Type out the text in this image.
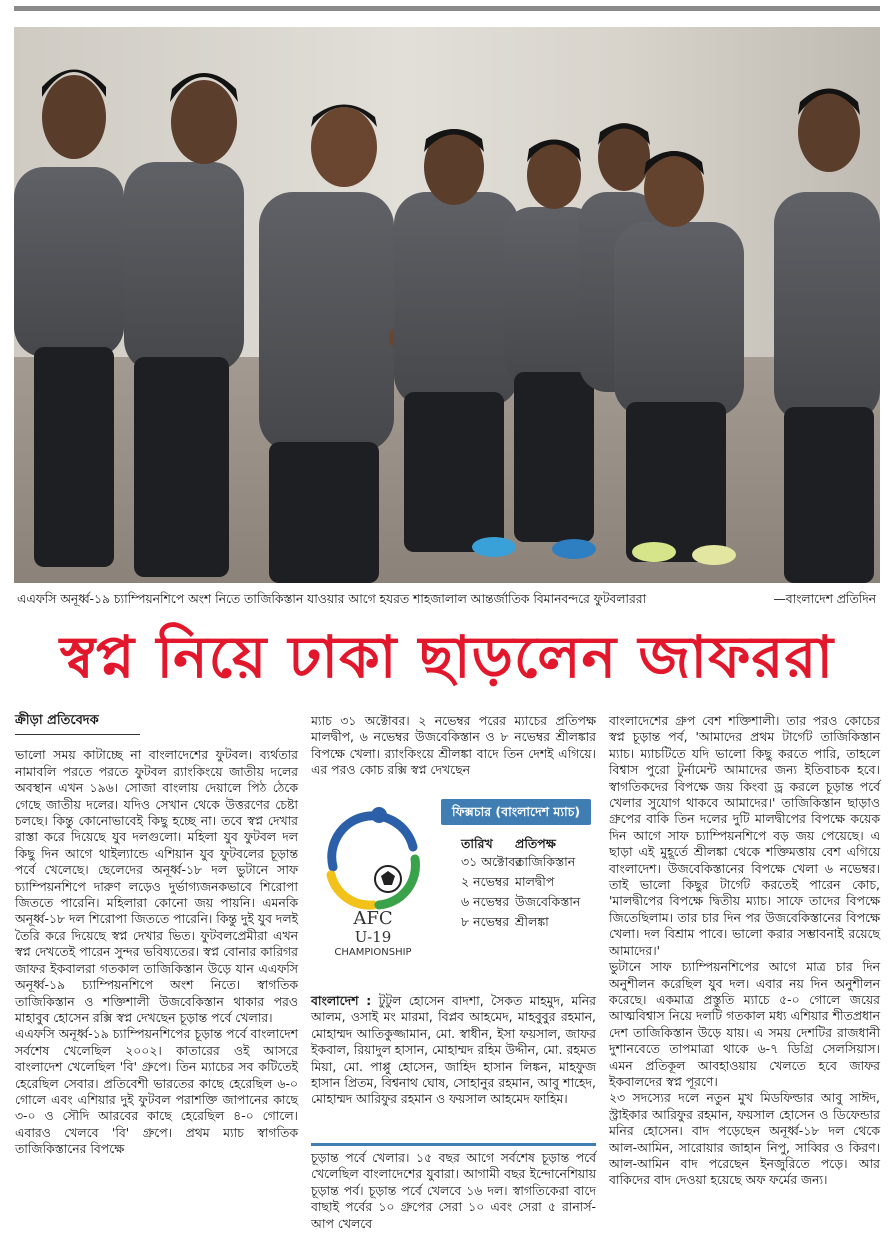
এএফসি অনূর্ধ্ব-১৯ চ্যাম্পিয়নশিপে অংশ নিতে তাজিকিস্তান যাওয়ার আগে হযরত শাহজালাল আন্তর্জাতিক বিমানবন্দরে ফুটবলাররা	—বাংলাদেশ প্রতিদিন
স্বপ্ন নিয়ে ঢাকা ছাড়লেন জাফররা
ক্রীড়া প্রতিবেদক

ভালো সময় কাটাচ্ছে না বাংলাদেশের ফুটবল। ব্যর্থতার নামাবলি পরতে পরতে ফুটবল র‌্যাংকিংয়ে জাতীয় দলের অবস্থান এখন ১৯৬। সোজা বাংলায় দেয়ালে পিঠ ঠেকে গেছে জাতীয় দলের। যদিও সেখান থেকে উত্তরণের চেষ্টা চলছে। কিন্তু কোনোভাবেই কিছু হচ্ছে না। তবে স্বপ্ন দেখার রাস্তা করে দিয়েছে যুব দলগুলো। মহিলা যুব ফুটবল দল কিছু দিন আগে থাইল্যান্ডে এশিয়ান যুব ফুটবলের চূড়ান্ত পর্বে খেলেছে। ছেলেদের অনূর্ধ্ব-১৮ দল ভুটানে সাফ চ্যাম্পিয়নশিপে দারুণ লড়েও দুর্ভাগ্যজনকভাবে শিরোপা জিততে পারেনি। মহিলারা কোনো জয় পায়নি। এমনকি অনূর্ধ্ব-১৮ দল শিরোপা জিততে পারেনি। কিন্তু দুই যুব দলই তৈরি করে দিয়েছে স্বপ্ন দেখার ভিত। ফুটবলপ্রেমীরা এখন স্বপ্ন দেখতেই পারেন সুন্দর ভবিষ্যতের। স্বপ্ন বোনার কারিগর জাফর ইকবালরা গতকাল তাজিকিস্তান উড়ে যান এএফসি অনূর্ধ্ব-১৯ চ্যাম্পিয়নশিপে অংশ নিতে। স্বাগতিক তাজিকিস্তান ও শক্তিশালী উজবেকিস্তান থাকার পরও মাহাবুব হোসেন রক্সি স্বপ্ন দেখছেন চূড়ান্ত পর্বে খেলার।

এএফসি অনূর্ধ্ব-১৯ চ্যাম্পিয়নশিপের চূড়ান্ত পর্বে বাংলাদেশ সর্বশেষ খেলেছিল ২০০২। কাতারের ওই আসরে বাংলাদেশ খেলেছিল 'বি' গ্রুপে। তিন ম্যাচের সব কটিতেই হেরেছিল সেবার। প্রতিবেশী ভারতের কাছে হেরেছিল ৬-০ গোলে এবং এশিয়ার দুই ফুটবল পরাশক্তি জাপানের কাছে ৩-০ ও সৌদি আরবের কাছে হেরেছিল ৪-০ গোলে। এবারও খেলবে 'বি' গ্রুপে। প্রথম ম্যাচ স্বাগতিক তাজিকিস্তানের বিপক্ষে

ম্যাচ ৩১ অক্টোবর। ২ নভেম্বর পরের ম্যাচের প্রতিপক্ষ মালদ্বীপ, ৬ নভেম্বর উজবেকিস্তান ও ৮ নভেম্বর শ্রীলঙ্কার বিপক্ষে খেলা। র‌্যাংকিংয়ে শ্রীলঙ্কা বাদে তিন দেশই এগিয়ে। এর পরও কোচ রক্সি স্বপ্ন দেখছেন

AFC
U-19
CHAMPIONSHIP
ফিক্সচার (বাংলাদেশ ম্যাচ)
তারিখ প্রতিপক্ষ
৩১ অক্টোবর
তাজিকিস্তান
২ নভেম্বর মালদ্বীপ
৬ নভেম্বর উজবেকিস্তান
৮ নভেম্বর শ্রীলঙ্কা
বাংলাদেশ : টুটুল হোসেন বাদশা, সৈকত মাহমুদ, মনির আলম, ওসাই মং মারমা, বিপ্লব আহমেদ, মাহবুবুর রহমান, মোহাম্মদ আতিকুজ্জামান, মো. স্বাধীন, ইসা ফয়সাল, জাফর ইকবাল, রিয়াদুল হাসান, মোহাম্মদ রহিম উদ্দীন, মো. রহমত মিয়া, মো. পাপ্পু হোসেন, জাহিদ হাসান লিঙ্কন, মাহফুজ হাসান প্রিতম, বিশ্বনাথ ঘোষ, সোহানুর রহমান, আবু শাহেদ, মোহাম্মদ আরিফুর রহমান ও ফয়সাল আহমেদ ফাহিম।

চূড়ান্ত পর্বে খেলার। ১৫ বছর আগে সর্বশেষ চূড়ান্ত পর্বে খেলেছিল বাংলাদেশের যুবারা। আগামী বছর ইন্দোনেশিয়ায় চূড়ান্ত পর্ব। চূড়ান্ত পর্বে খেলবে ১৬ দল। স্বাগতিকেরা বাদে বাছাই পর্বের ১০ গ্রুপের সেরা ১০ এবং সেরা ৫ রানার্স-আপ খেলবে

বাংলাদেশের গ্রুপ বেশ শক্তিশালী। তার পরও কোচের স্বপ্ন চূড়ান্ত পর্ব, 'আমাদের প্রথম টার্গেট তাজিকিস্তান ম্যাচ। ম্যাচটিতে যদি ভালো কিছু করতে পারি, তাহলে বিশ্বাস পুরো টুর্নামেন্ট আমাদের জন্য ইতিবাচক হবে। স্বাগতিকদের বিপক্ষে জয় কিংবা ড্র করলে চূড়ান্ত পর্বে খেলার সুযোগ থাকবে আমাদের।' তাজিকিস্তান ছাড়াও গ্রুপের বাকি তিন দলের দুটি মালদ্বীপের বিপক্ষে কয়েক দিন আগে সাফ চ্যাম্পিয়নশিপে বড় জয় পেয়েছে। এ ছাড়া এই মুহূর্তে শ্রীলঙ্কা থেকে শক্তিমত্তায় বেশ এগিয়ে বাংলাদেশ। উজবেকিস্তানের বিপক্ষে খেলা ৬ নভেম্বর। তাই ভালো কিছুর টার্গেট করতেই পারেন কোচ, 'মালদ্বীপের বিপক্ষে দ্বিতীয় ম্যাচ। সাফে তাদের বিপক্ষে জিতেছিলাম। তার চার দিন পর উজবেকিস্তানের বিপক্ষে খেলা। দল বিশ্রাম পাবে। ভালো করার সম্ভাবনাই রয়েছে আমাদের।'

ভুটানে সাফ চ্যাম্পিয়নশিপের আগে মাত্র চার দিন অনুশীলন করেছিল যুব দল। এবার নয় দিন অনুশীলন করেছে। একমাত্র প্রস্তুতি ম্যাচে ৫-০ গোলে জয়ের আত্মবিশ্বাস নিয়ে দলটি গতকাল মধ্য এশিয়ার শীতপ্রধান দেশ তাজিকিস্তান উড়ে যায়। এ সময় দেশটির রাজধানী দুশানবেতে তাপমাত্রা থাকে ৬-৭ ডিগ্রি সেলসিয়াস। এমন প্রতিকূল আবহাওয়ায় খেলতে হবে জাফর ইকবালদের স্বপ্ন পূরণে।

২৩ সদস্যের দলে নতুন মুখ মিডফিল্ডার আবু সাঈদ, স্ট্রাইকার আরিফুর রহমান, ফয়সাল হোসেন ও ডিফেন্ডার মনির হোসেন। বাদ পড়েছেন অনূর্ধ্ব-১৮ দল থেকে আল-আমিন, সারোয়ার জাহান নিপু, সাব্বির ও কিরণ। আল-আমিন বাদ পরেছেন ইনজুরিতে পড়ে। আর বাকিদের বাদ দেওয়া হয়েছে অফ ফর্মের জন্য।
